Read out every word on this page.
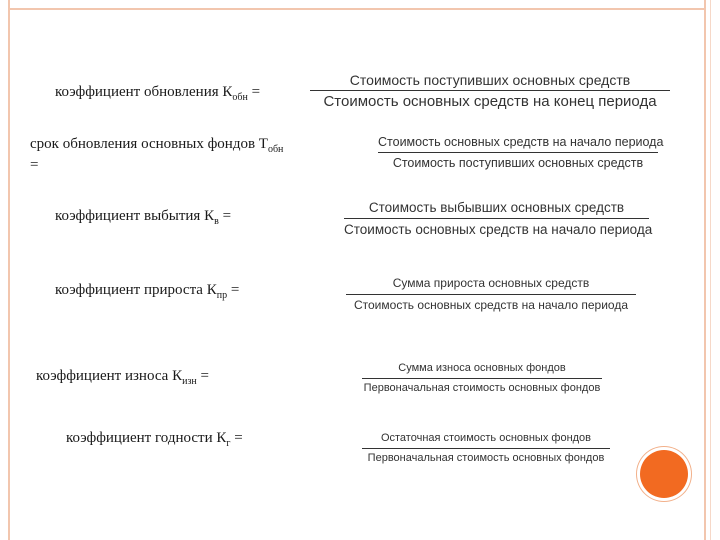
коэффициент обновления $К_{обн}$ =
Стоимость поступивших основных средств
Стоимость основных средств на конец периода
срок обновления основных фондов $Т_{обн}$
=
Стоимость основных средств на начало периода
Стоимость поступивших основных средств
коэффициент выбытия $К_в$ =
Стоимость выбывших основных средств
Стоимость основных средств на начало периода
коэффициент прироста $К_{пр}$ =	Сумма прироста основных средств
Стоимость основных средств на начало периода
коэффициент износа $К_{изн}$ =	Сумма износа основных фондов
Первоначальная стоимость основных фондов
коэффициент годности $К_г$ =	Остаточная стоимость основных фондов
Первоначальная стоимость основных фондов
